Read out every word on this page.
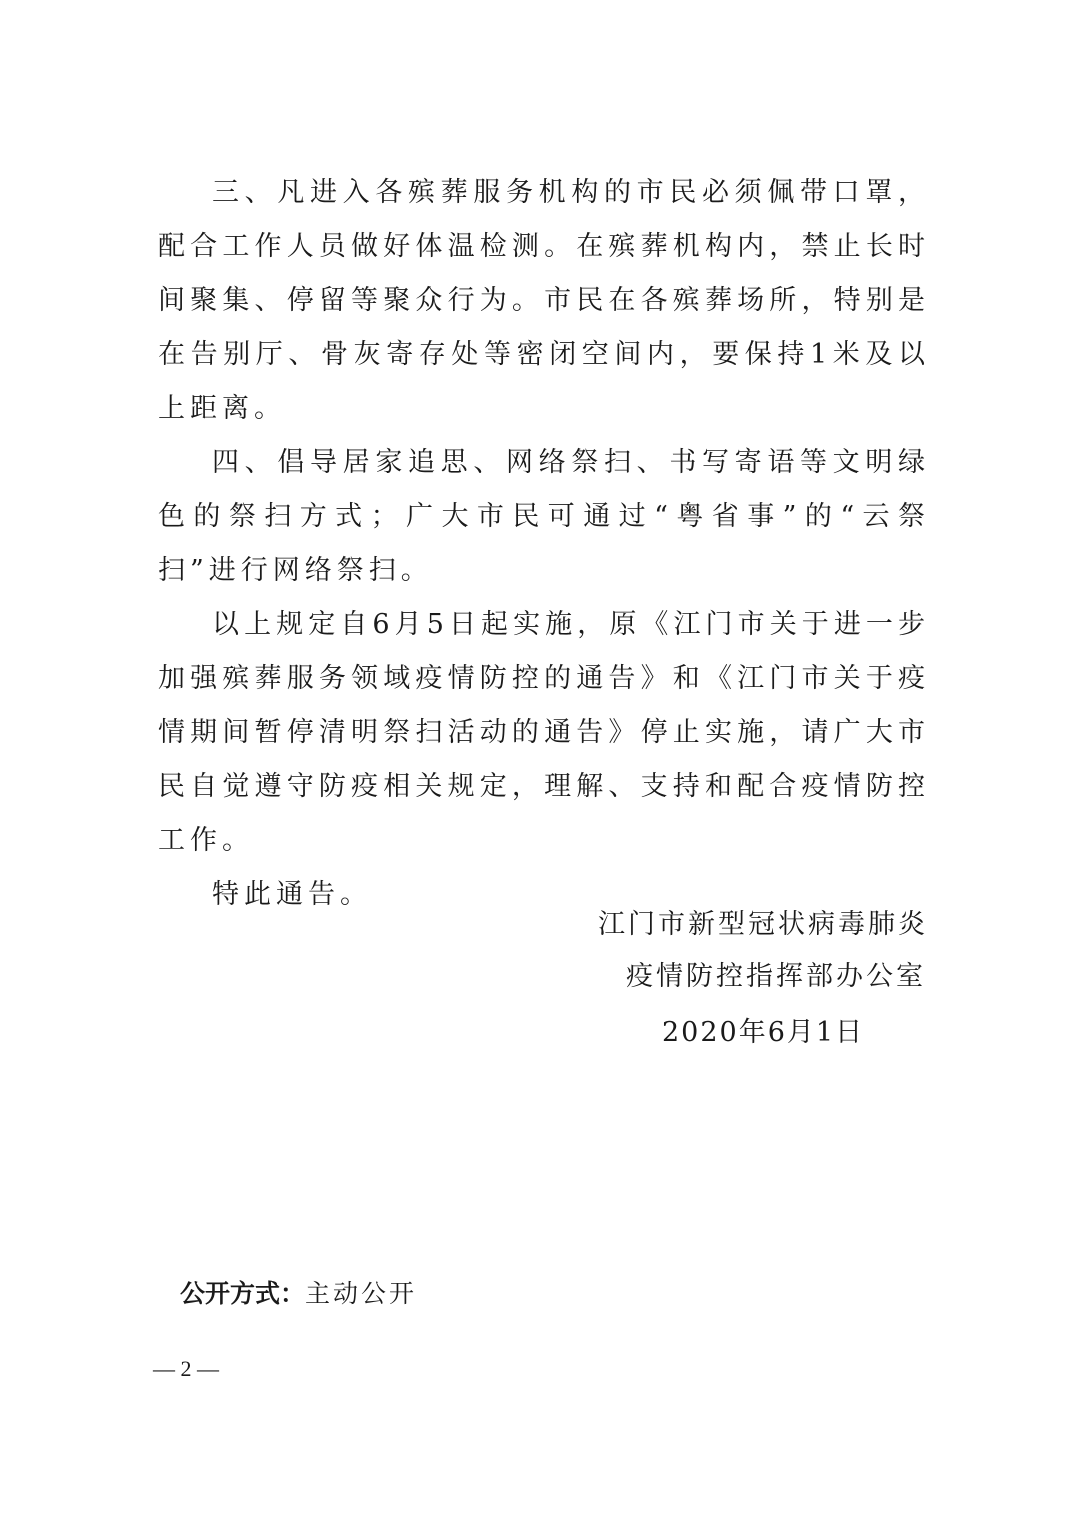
三、凡进入各殡葬服务机构的市民必须佩带口罩，配合工作人员做好体温检测。在殡葬机构内，禁止长时间聚集、停留等聚众行为。市民在各殡葬场所，特别是在告别厅、骨灰寄存处等密闭空间内，要保持1米及以上距离。

四、倡导居家追思、网络祭扫、书写寄语等文明绿色的祭扫方式；广大市民可通过“粤省事”的“云祭扫”进行网络祭扫。

以上规定自6月5日起实施，原《江门市关于进一步加强殡葬服务领域疫情防控的通告》和《江门市关于疫情期间暂停清明祭扫活动的通告》停止实施，请广大市民自觉遵守防疫相关规定，理解、支持和配合疫情防控工作。

特此通告。

江门市新型冠状病毒肺炎
疫情防控指挥部办公室
2020年6月1日
公开方式：主动公开
— 2 —
